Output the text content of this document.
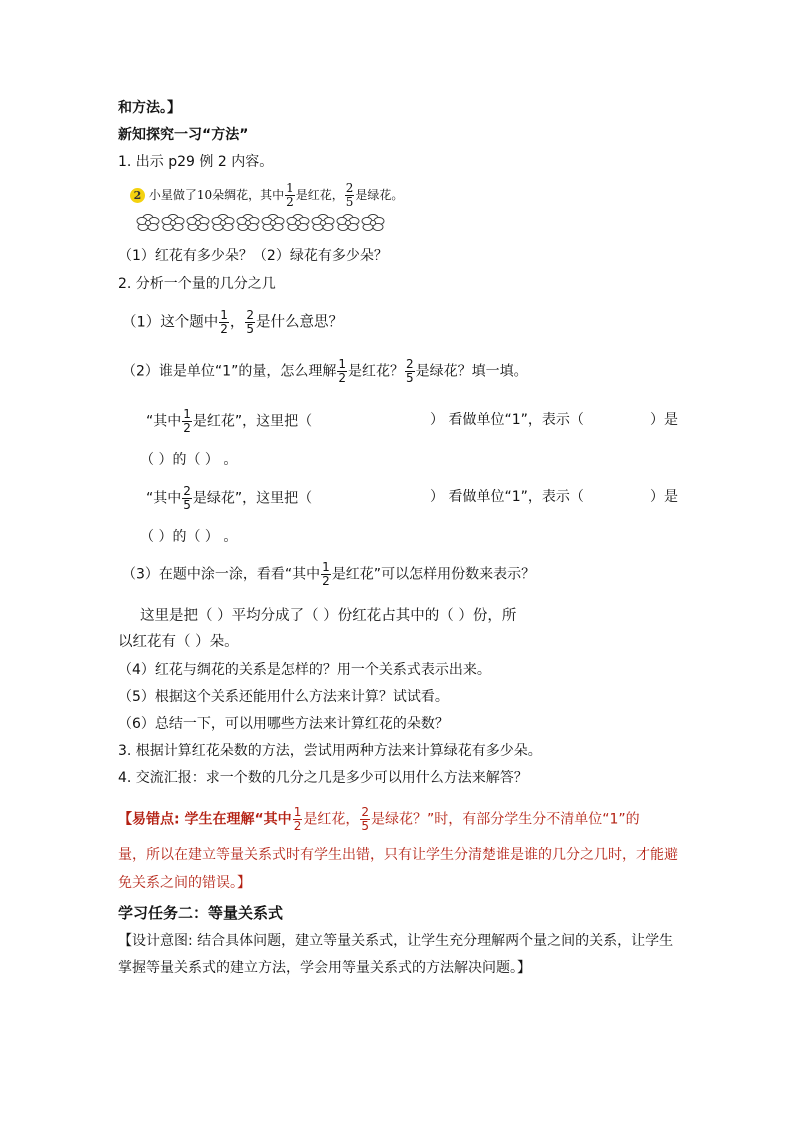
和方法。】
新知探究一习“方法”
1. 出示 p29 例 2 内容。
2 小星做了10朵绸花，其中 $\frac{1}{2}$ 是红花， $\frac{2}{5}$ 是绿花。
（1）红花有多少朵？（2）绿花有多少朵？
2. 分析一个量的几分之几
（1）这个题中 $\frac{1}{2}$ ， $\frac{2}{5}$ 是什么意思？
（2）谁是单位“1”的量，怎么理解 $\frac{1}{2}$ 是红花？ $\frac{2}{5}$ 是绿花？填一填。
“其中 $\frac{1}{2}$ 是红花”，这里把（	） 看做单位“1”，表示（	）是
（ ）的（ ） 。
“其中 $\frac{2}{5}$ 是绿花”，这里把（	） 看做单位“1”，表示（	）是
（ ）的（ ） 。
（3）在题中涂一涂，看看“其中 $\frac{1}{2}$ 是红花”可以怎样用份数来表示？
这里是把（ ）平均分成了（ ）份红花占其中的（ ）份，所
以红花有（ ）朵。
（4）红花与绸花的关系是怎样的？用一个关系式表示出来。
（5）根据这个关系还能用什么方法来计算？试试看。
（6）总结一下，可以用哪些方法来计算红花的朵数？
3. 根据计算红花朵数的方法，尝试用两种方法来计算绿花有多少朵。
4. 交流汇报：求一个数的几分之几是多少可以用什么方法来解答？
【易错点: 学生在理解“其中 $\frac{1}{2}$ 是红花， $\frac{2}{5}$ 是绿花？”时，有部分学生分不清单位“1”的
量，所以在建立等量关系式时有学生出错，只有让学生分清楚谁是谁的几分之几时，才能避
免关系之间的错误。】
学习任务二：等量关系式
【设计意图: 结合具体问题，建立等量关系式，让学生充分理解两个量之间的关系，让学生
掌握等量关系式的建立方法，学会用等量关系式的方法解决问题。】
